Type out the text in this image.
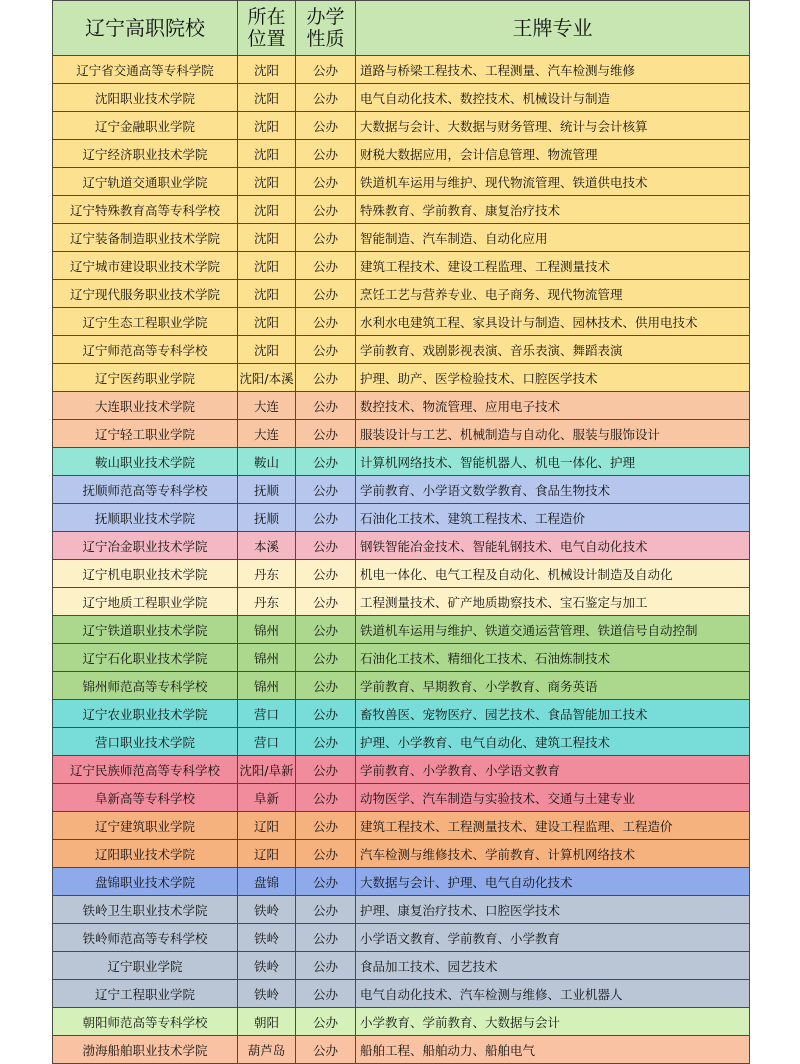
辽宁高职院校	所在位置	办学性质	王牌专业
辽宁省交通高等专科学院	沈阳	公办	道路与桥梁工程技术、工程测量、汽车检测与维修
沈阳职业技术学院	沈阳	公办	电气自动化技术、数控技术、机械设计与制造
辽宁金融职业学院	沈阳	公办	大数据与会计、大数据与财务管理、统计与会计核算
辽宁经济职业技术学院	沈阳	公办	财税大数据应用，会计信息管理、物流管理
辽宁轨道交通职业学院	沈阳	公办	铁道机车运用与维护、现代物流管理、铁道供电技术
辽宁特殊教育高等专科学校	沈阳	公办	特殊教育、学前教育、康复治疗技术
辽宁装备制造职业技术学院	沈阳	公办	智能制造、汽车制造、自动化应用
辽宁城市建设职业技术学院	沈阳	公办	建筑工程技术、建设工程监理、工程测量技术
辽宁现代服务职业技术学院	沈阳	公办	烹饪工艺与营养专业、电子商务、现代物流管理
辽宁生态工程职业学院	沈阳	公办	水利水电建筑工程、家具设计与制造、园林技术、供用电技术
辽宁师范高等专科学校	沈阳	公办	学前教育、戏剧影视表演、音乐表演、舞蹈表演
辽宁医药职业学院	沈阳/本溪	公办	护理、助产、医学检验技术、口腔医学技术
大连职业技术学院	大连	公办	数控技术、物流管理、应用电子技术
辽宁轻工职业学院	大连	公办	服装设计与工艺、机械制造与自动化、服装与服饰设计
鞍山职业技术学院	鞍山	公办	计算机网络技术、智能机器人、机电一体化、护理
抚顺师范高等专科学校	抚顺	公办	学前教育、小学语文数学教育、食品生物技术
抚顺职业技术学院	抚顺	公办	石油化工技术、建筑工程技术、工程造价
辽宁冶金职业技术学院	本溪	公办	钢铁智能冶金技术、智能轧钢技术、电气自动化技术
辽宁机电职业技术学院	丹东	公办	机电一体化、电气工程及自动化、机械设计制造及自动化
辽宁地质工程职业学院	丹东	公办	工程测量技术、矿产地质勘察技术、宝石鉴定与加工
辽宁铁道职业技术学院	锦州	公办	铁道机车运用与维护、铁道交通运营管理、铁道信号自动控制
辽宁石化职业技术学院	锦州	公办	石油化工技术、精细化工技术、石油炼制技术
锦州师范高等专科学校	锦州	公办	学前教育、早期教育、小学教育、商务英语
辽宁农业职业技术学院	营口	公办	畜牧兽医、宠物医疗、园艺技术、食品智能加工技术
营口职业技术学院	营口	公办	护理、小学教育、电气自动化、建筑工程技术
辽宁民族师范高等专科学校	沈阳/阜新	公办	学前教育、小学教育、小学语文教育
阜新高等专科学校	阜新	公办	动物医学、汽车制造与实验技术、交通与土建专业
辽宁建筑职业学院	辽阳	公办	建筑工程技术、工程测量技术、建设工程监理、工程造价
辽阳职业技术学院	辽阳	公办	汽车检测与维修技术、学前教育、计算机网络技术
盘锦职业技术学院	盘锦	公办	大数据与会计、护理、电气自动化技术
铁岭卫生职业技术学院	铁岭	公办	护理、康复治疗技术、口腔医学技术
铁岭师范高等专科学校	铁岭	公办	小学语文教育、学前教育、小学教育
辽宁职业学院	铁岭	公办	食品加工技术、园艺技术
辽宁工程职业学院	铁岭	公办	电气自动化技术、汽车检测与维修、工业机器人
朝阳师范高等专科学校	朝阳	公办	小学教育、学前教育、大数据与会计
渤海船舶职业技术学院	葫芦岛	公办	船舶工程、船舶动力、船舶电气
